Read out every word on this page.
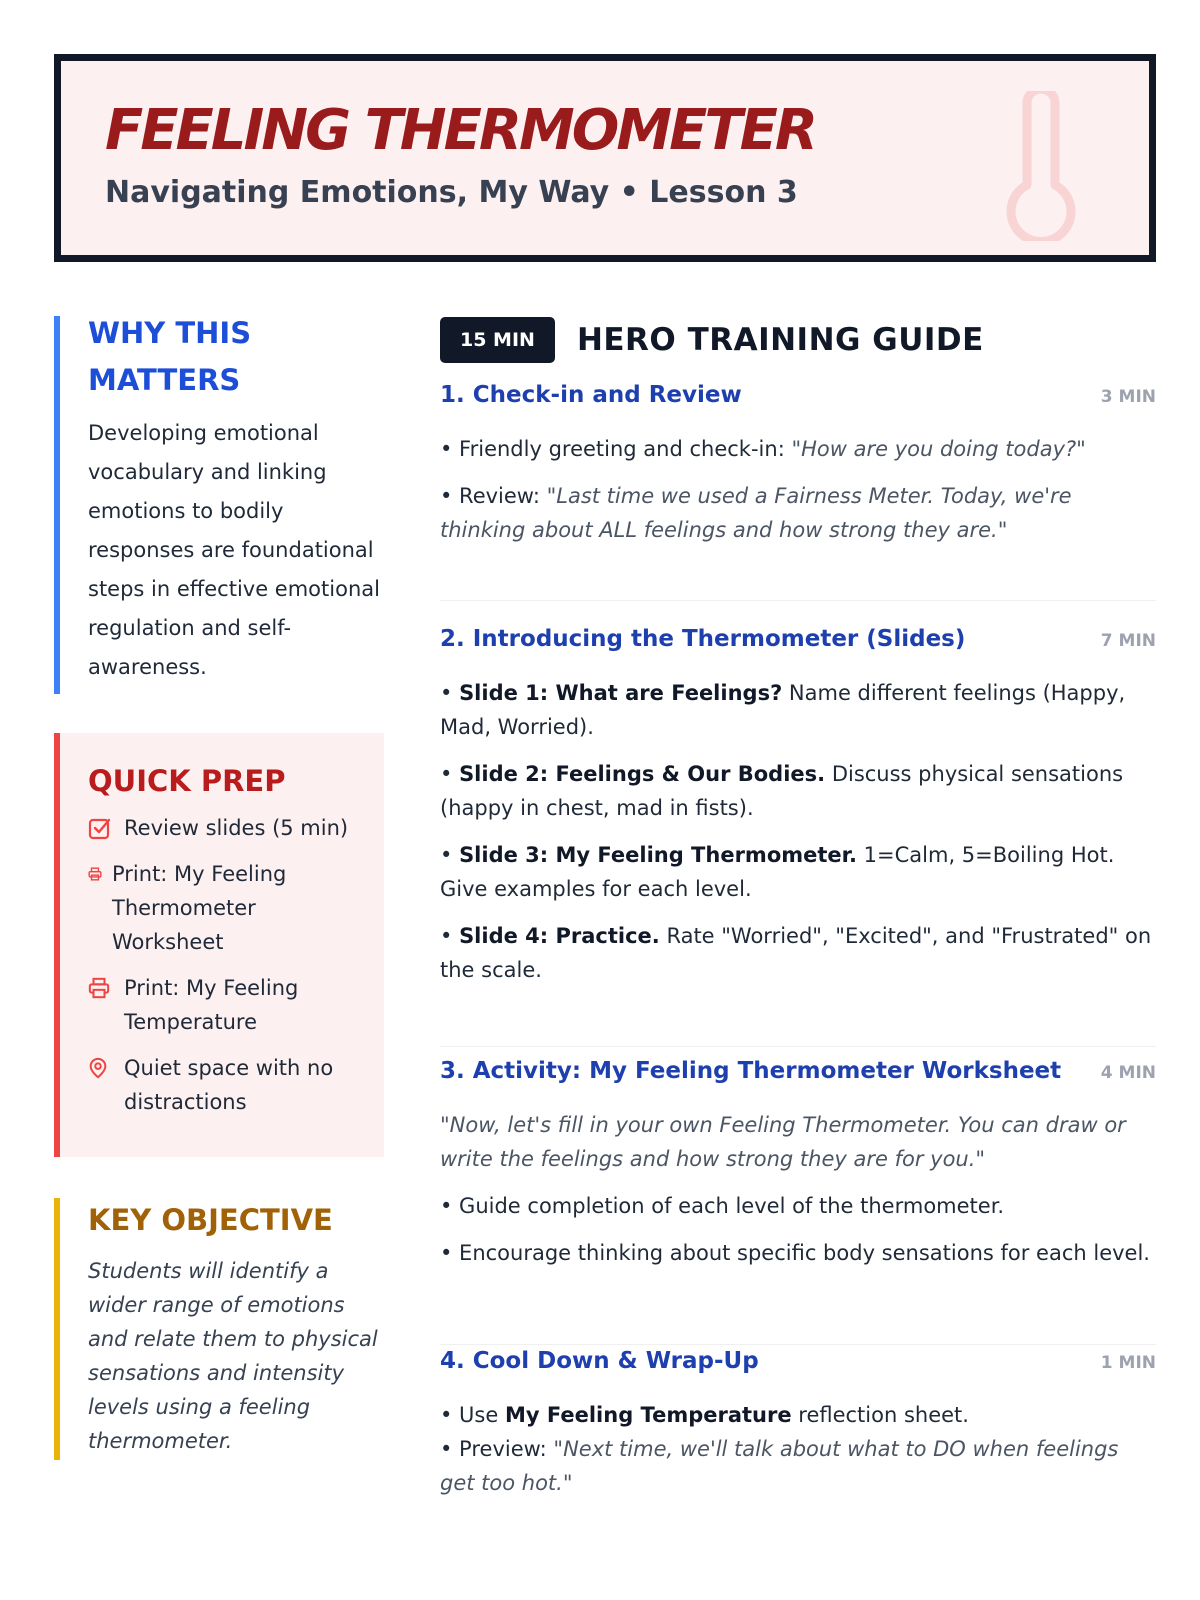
FEELING THERMOMETER
Navigating Emotions, My Way • Lesson 3
WHY THIS MATTERS

Developing emotional vocabulary and linking emotions to bodily responses are foundational steps in effective emotional regulation and self-awareness.

QUICK PREP
Review slides (5 min)
Print: My Feeling Thermometer Worksheet
Print: My Feeling Temperature
Quiet space with no distractions
KEY OBJECTIVE

Students will identify a wider range of emotions and relate them to physical sensations and intensity levels using a feeling thermometer.

15 MIN	HERO TRAINING GUIDE
1. Check-in and Review	3 MIN

• Friendly greeting and check-in: "How are you doing today?"

• Review: "Last time we used a Fairness Meter. Today, we're thinking about ALL feelings and how strong they are."

2. Introducing the Thermometer (Slides)	7 MIN

• Slide 1: What are Feelings? Name different feelings (Happy, Mad, Worried).

• Slide 2: Feelings & Our Bodies. Discuss physical sensations (happy in chest, mad in fists).

• Slide 3: My Feeling Thermometer. 1=Calm, 5=Boiling Hot. Give examples for each level.

• Slide 4: Practice. Rate "Worried", "Excited", and "Frustrated" on the scale.

3. Activity: My Feeling Thermometer Worksheet 4 MIN

"Now, let's fill in your own Feeling Thermometer. You can draw or write the feelings and how strong they are for you."

• Guide completion of each level of the thermometer.

• Encourage thinking about specific body sensations for each level.

4. Cool Down & Wrap-Up	1 MIN

• Use My Feeling Temperature reflection sheet.

• Preview: "Next time, we'll talk about what to DO when feelings get too hot."
